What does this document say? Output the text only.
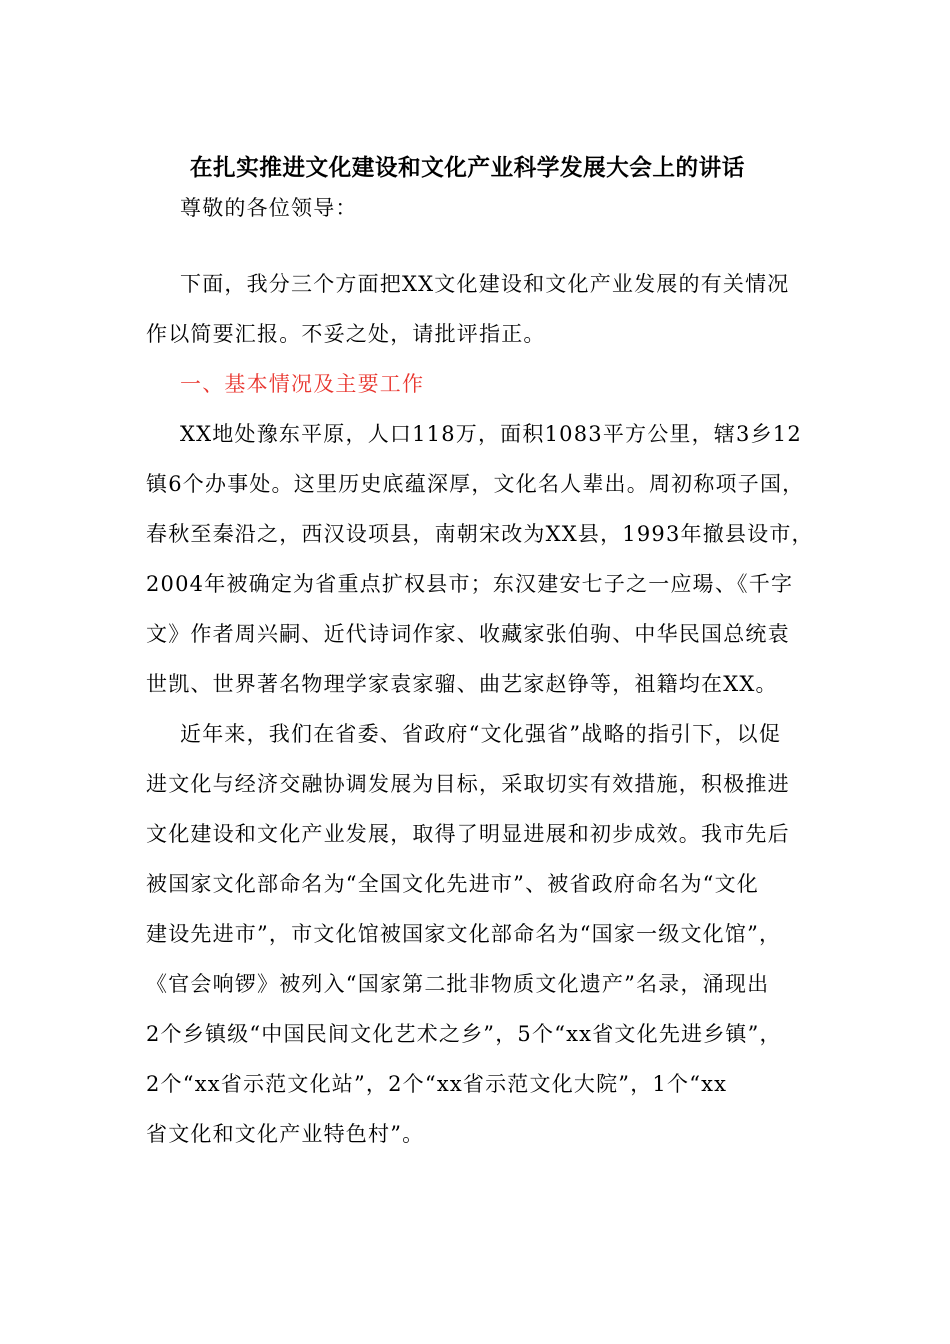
在扎实推进文化建设和文化产业科学发展大会上的讲话
尊敬的各位领导：
下面，我分三个方面把XX文化建设和文化产业发展的有关情况
作以简要汇报。不妥之处，请批评指正。
一、基本情况及主要工作
XX地处豫东平原，人口118万，面积1083平方公里，辖3乡12
镇6个办事处。这里历史底蕴深厚，文化名人辈出。周初称项子国，
春秋至秦沿之，西汉设项县，南朝宋改为XX县，1993年撤县设市，
2004年被确定为省重点扩权县市；东汉建安七子之一应瑒、《千字
文》作者周兴嗣、近代诗词作家、收藏家张伯驹、中华民国总统袁
世凯、世界著名物理学家袁家骝、曲艺家赵铮等，祖籍均在XX。
近年来，我们在省委、省政府“文化强省”战略的指引下，以促
进文化与经济交融协调发展为目标，采取切实有效措施，积极推进
文化建设和文化产业发展，取得了明显进展和初步成效。我市先后
被国家文化部命名为“全国文化先进市”、被省政府命名为“文化
建设先进市”，市文化馆被国家文化部命名为“国家一级文化馆”，
《官会响锣》被列入“国家第二批非物质文化遗产”名录，涌现出
2个乡镇级“中国民间文化艺术之乡”，5个“xx省文化先进乡镇”，
2个“xx省示范文化站”，2个“xx省示范文化大院”，1个“xx
省文化和文化产业特色村”。
